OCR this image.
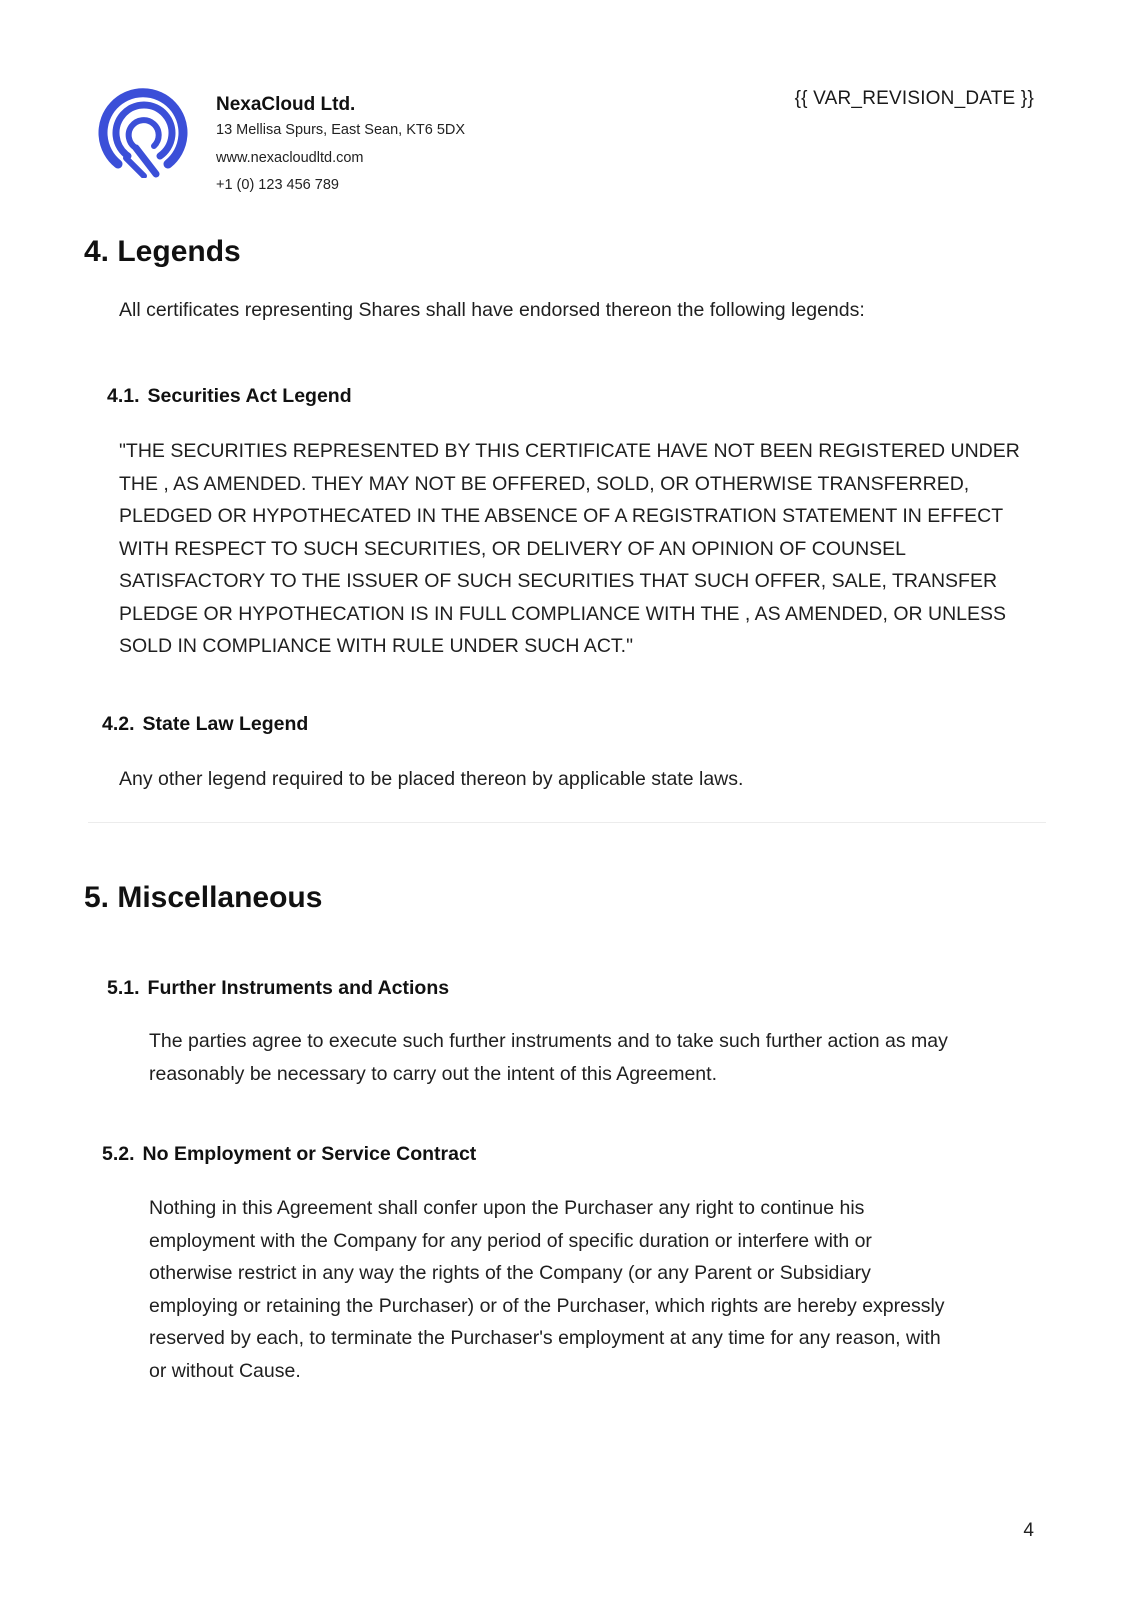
NexaCloud Ltd.

13 Mellisa Spurs, East Sean, KT6 5DX

www.nexacloudltd.com

+1 (0) 123 456 789

{{ VAR_REVISION_DATE }}
4. Legends

All certificates representing Shares shall have endorsed thereon the following legends:

4.1. Securities Act Legend
"THE SECURITIES REPRESENTED BY THIS CERTIFICATE HAVE NOT BEEN REGISTERED UNDER
THE , AS AMENDED. THEY MAY NOT BE OFFERED, SOLD, OR OTHERWISE TRANSFERRED,
PLEDGED OR HYPOTHECATED IN THE ABSENCE OF A REGISTRATION STATEMENT IN EFFECT
WITH RESPECT TO SUCH SECURITIES, OR DELIVERY OF AN OPINION OF COUNSEL
SATISFACTORY TO THE ISSUER OF SUCH SECURITIES THAT SUCH OFFER, SALE, TRANSFER
PLEDGE OR HYPOTHECATION IS IN FULL COMPLIANCE WITH THE , AS AMENDED, OR UNLESS
SOLD IN COMPLIANCE WITH RULE UNDER SUCH ACT."
4.2. State Law Legend

Any other legend required to be placed thereon by applicable state laws.

5. Miscellaneous
5.1. Further Instruments and Actions
The parties agree to execute such further instruments and to take such further action as may
reasonably be necessary to carry out the intent of this Agreement.
5.2. No Employment or Service Contract
Nothing in this Agreement shall confer upon the Purchaser any right to continue his
employment with the Company for any period of specific duration or interfere with or
otherwise restrict in any way the rights of the Company (or any Parent or Subsidiary
employing or retaining the Purchaser) or of the Purchaser, which rights are hereby expressly
reserved by each, to terminate the Purchaser's employment at any time for any reason, with
or without Cause.
4
